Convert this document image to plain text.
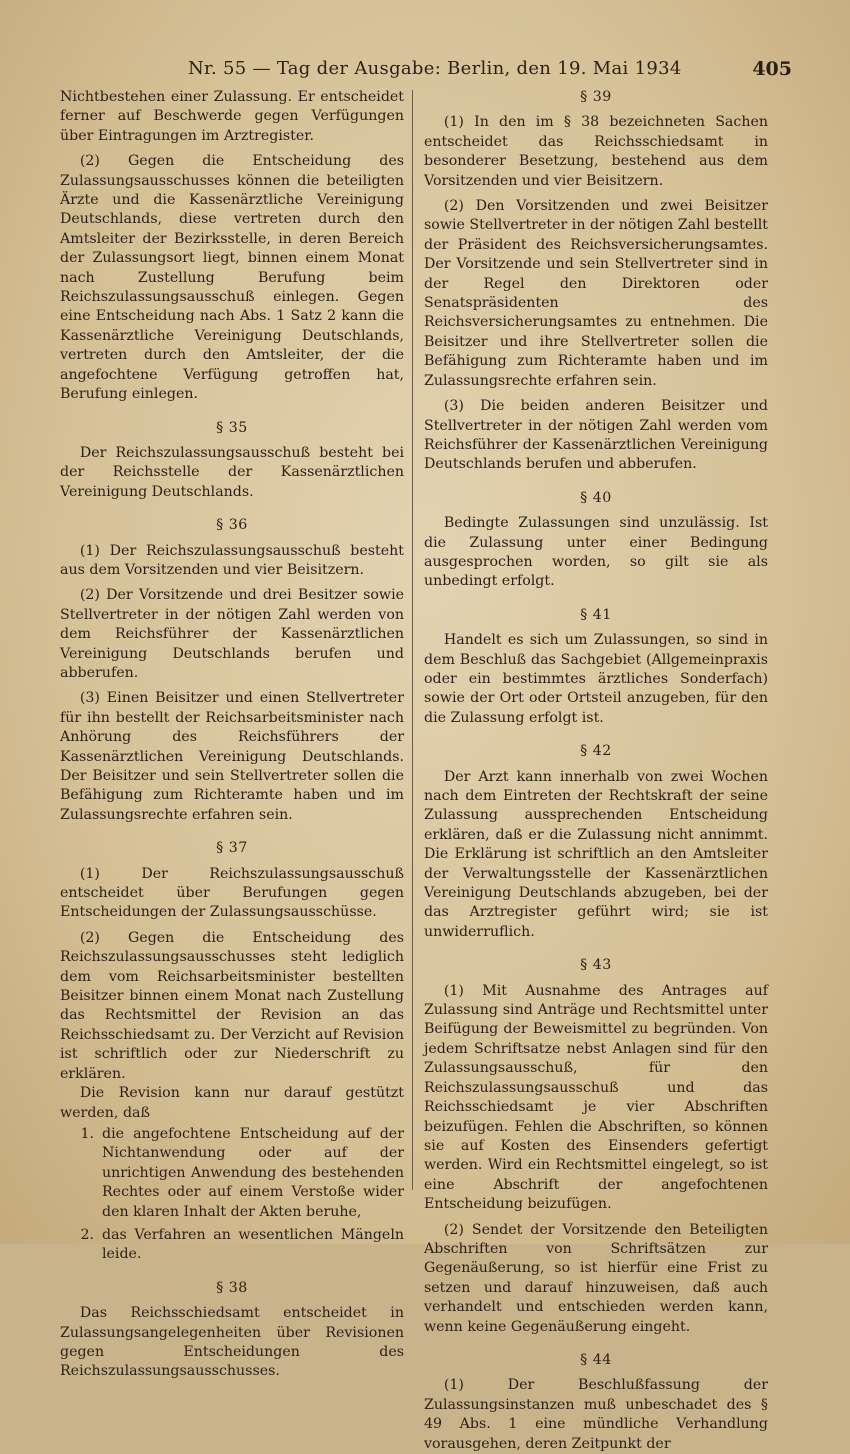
Nr. 55 — Tag der Ausgabe: Berlin, den 19. Mai 1934	405

Nichtbestehen einer Zulassung. Er entscheidet ferner auf Beschwerde gegen Verfügungen über Eintragungen im Arztregister.

(2) Gegen die Entscheidung des Zulassungsausschusses können die beteiligten Ärzte und die Kassenärztliche Vereinigung Deutschlands, diese vertreten durch den Amtsleiter der Bezirksstelle, in deren Bereich der Zulassungsort liegt, binnen einem Monat nach Zustellung Berufung beim Reichszulassungsausschuß einlegen. Gegen eine Entscheidung nach Abs. 1 Satz 2 kann die Kassenärztliche Vereinigung Deutschlands, vertreten durch den Amtsleiter, der die angefochtene Verfügung getroffen hat, Berufung einlegen.

§ 35

Der Reichszulassungsausschuß besteht bei der Reichsstelle der Kassenärztlichen Vereinigung Deutschlands.

§ 36

(1) Der Reichszulassungsausschuß besteht aus dem Vorsitzenden und vier Beisitzern.

(2) Der Vorsitzende und drei Besitzer sowie Stellvertreter in der nötigen Zahl werden von dem Reichsführer der Kassenärztlichen Vereinigung Deutschlands berufen und abberufen.

(3) Einen Beisitzer und einen Stellvertreter für ihn bestellt der Reichsarbeitsminister nach Anhörung des Reichsführers der Kassenärztlichen Vereinigung Deutschlands. Der Beisitzer und sein Stellvertreter sollen die Befähigung zum Richteramte haben und im Zulassungsrechte erfahren sein.

§ 37

(1) Der Reichszulassungsausschuß entscheidet über Berufungen gegen Entscheidungen der Zulassungsausschüsse.

(2) Gegen die Entscheidung des Reichszulassungsausschusses steht lediglich dem vom Reichsarbeitsminister bestellten Beisitzer binnen einem Monat nach Zustellung das Rechtsmittel der Revision an das Reichsschiedsamt zu. Der Verzicht auf Revision ist schriftlich oder zur Niederschrift zu erklären.

Die Revision kann nur darauf gestützt werden, daß

1. die angefochtene Entscheidung auf der Nichtanwendung oder auf der unrichtigen Anwendung des bestehenden Rechtes oder auf einem Verstoße wider den klaren Inhalt der Akten beruhe,
2. das Verfahren an wesentlichen Mängeln leide.
§ 38

Das Reichsschiedsamt entscheidet in Zulassungsangelegenheiten über Revisionen gegen Entscheidungen des Reichszulassungsausschusses.

§ 39

(1) In den im § 38 bezeichneten Sachen entscheidet das Reichsschiedsamt in besonderer Besetzung, bestehend aus dem Vorsitzenden und vier Beisitzern.

(2) Den Vorsitzenden und zwei Beisitzer sowie Stellvertreter in der nötigen Zahl bestellt der Präsident des Reichsversicherungsamtes. Der Vorsitzende und sein Stellvertreter sind in der Regel den Direktoren oder Senatspräsidenten des Reichsversicherungsamtes zu entnehmen. Die Beisitzer und ihre Stellvertreter sollen die Befähigung zum Richteramte haben und im Zulassungsrechte erfahren sein.

(3) Die beiden anderen Beisitzer und Stellvertreter in der nötigen Zahl werden vom Reichsführer der Kassenärztlichen Vereinigung Deutschlands berufen und abberufen.

§ 40

Bedingte Zulassungen sind unzulässig. Ist die Zulassung unter einer Bedingung ausgesprochen worden, so gilt sie als unbedingt erfolgt.

§ 41

Handelt es sich um Zulassungen, so sind in dem Beschluß das Sachgebiet (Allgemeinpraxis oder ein bestimmtes ärztliches Sonderfach) sowie der Ort oder Ortsteil anzugeben, für den die Zulassung erfolgt ist.

§ 42

Der Arzt kann innerhalb von zwei Wochen nach dem Eintreten der Rechtskraft der seine Zulassung aussprechenden Entscheidung erklären, daß er die Zulassung nicht annimmt. Die Erklärung ist schriftlich an den Amtsleiter der Verwaltungsstelle der Kassenärztlichen Vereinigung Deutschlands abzugeben, bei der das Arztregister geführt wird; sie ist unwiderruflich.

§ 43

(1) Mit Ausnahme des Antrages auf Zulassung sind Anträge und Rechtsmittel unter Beifügung der Beweismittel zu begründen. Von jedem Schriftsatze nebst Anlagen sind für den Zulassungsausschuß, für den Reichszulassungsausschuß und das Reichsschiedsamt je vier Abschriften beizufügen. Fehlen die Abschriften, so können sie auf Kosten des Einsenders gefertigt werden. Wird ein Rechtsmittel eingelegt, so ist eine Abschrift der angefochtenen Entscheidung beizufügen.

(2) Sendet der Vorsitzende den Beteiligten Abschriften von Schriftsätzen zur Gegenäußerung, so ist hierfür eine Frist zu setzen und darauf hinzuweisen, daß auch verhandelt und entschieden werden kann, wenn keine Gegenäußerung eingeht.

§ 44

(1) Der Beschlußfassung der Zulassungsinstanzen muß unbeschadet des § 49 Abs. 1 eine mündliche Verhandlung vorausgehen, deren Zeitpunkt der
